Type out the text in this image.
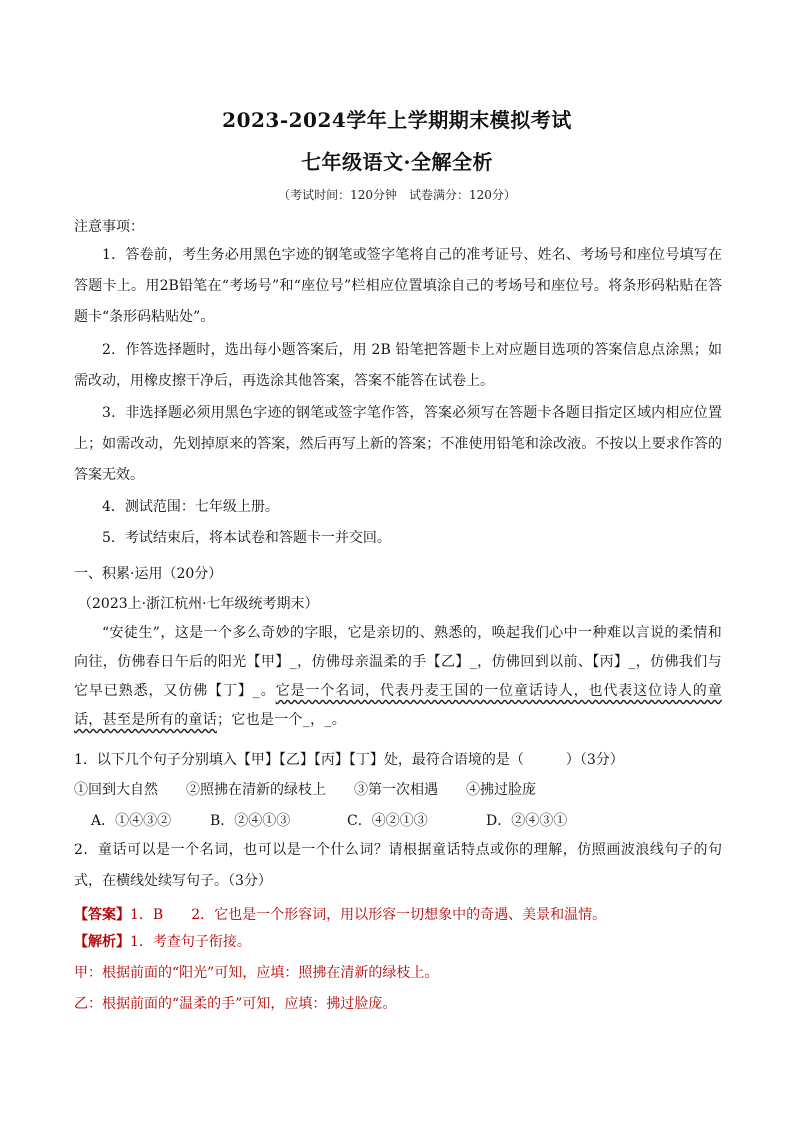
2023-2024学年上学期期末模拟考试
七年级语文·全解全析
（考试时间：120分钟　试卷满分：120分）
注意事项：

1．答卷前，考生务必用黑色字迹的钢笔或签字笔将自己的准考证号、姓名、考场号和座位号填写在答题卡上。用2B铅笔在“考场号”和“座位号”栏相应位置填涂自己的考场号和座位号。将条形码粘贴在答题卡“条形码粘贴处”。

2．作答选择题时，选出每小题答案后，用 2B 铅笔把答题卡上对应题目选项的答案信息点涂黑；如需改动，用橡皮擦干净后，再选涂其他答案，答案不能答在试卷上。

3．非选择题必须用黑色字迹的钢笔或签字笔作答，答案必须写在答题卡各题目指定区域内相应位置上；如需改动，先划掉原来的答案，然后再写上新的答案；不准使用铅笔和涂改液。不按以上要求作答的答案无效。

4．测试范围：七年级上册。

5．考试结束后，将本试卷和答题卡一并交回。

一、积累·运用（20分）
（2023上·浙江杭州·七年级统考期末）

“安徒生”，这是一个多么奇妙的字眼，它是亲切的、熟悉的，唤起我们心中一种难以言说的柔情和向往，仿佛春日午后的阳光【甲】_，仿佛母亲温柔的手【乙】_，仿佛回到以前、【丙】_，仿佛我们与它早已熟悉，又仿佛【丁】_。它是一个名词，代表丹麦王国的一位童话诗人，也代表这位诗人的童话，甚至是所有的童话；它也是一个_，_。

1．以下几个句子分别填入【甲】【乙】【丙】【丁】处，最符合语境的是（　　　）（3分）
①回到大自然 ②照拂在清新的绿枝上 ③第一次相遇 ④拂过脸庞
A．①④③②	B．②④①③	C．④②①③	D．②④③①

2．童话可以是一个名词，也可以是一个什么词？请根据童话特点或你的理解，仿照画波浪线句子的句式，在横线处续写句子。（3分）

【答案】1．B　　2．它也是一个形容词，用以形容一切想象中的奇遇、美景和温情。
【解析】1．考查句子衔接。
甲：根据前面的“阳光”可知，应填：照拂在清新的绿枝上。
乙：根据前面的“温柔的手”可知，应填：拂过脸庞。
